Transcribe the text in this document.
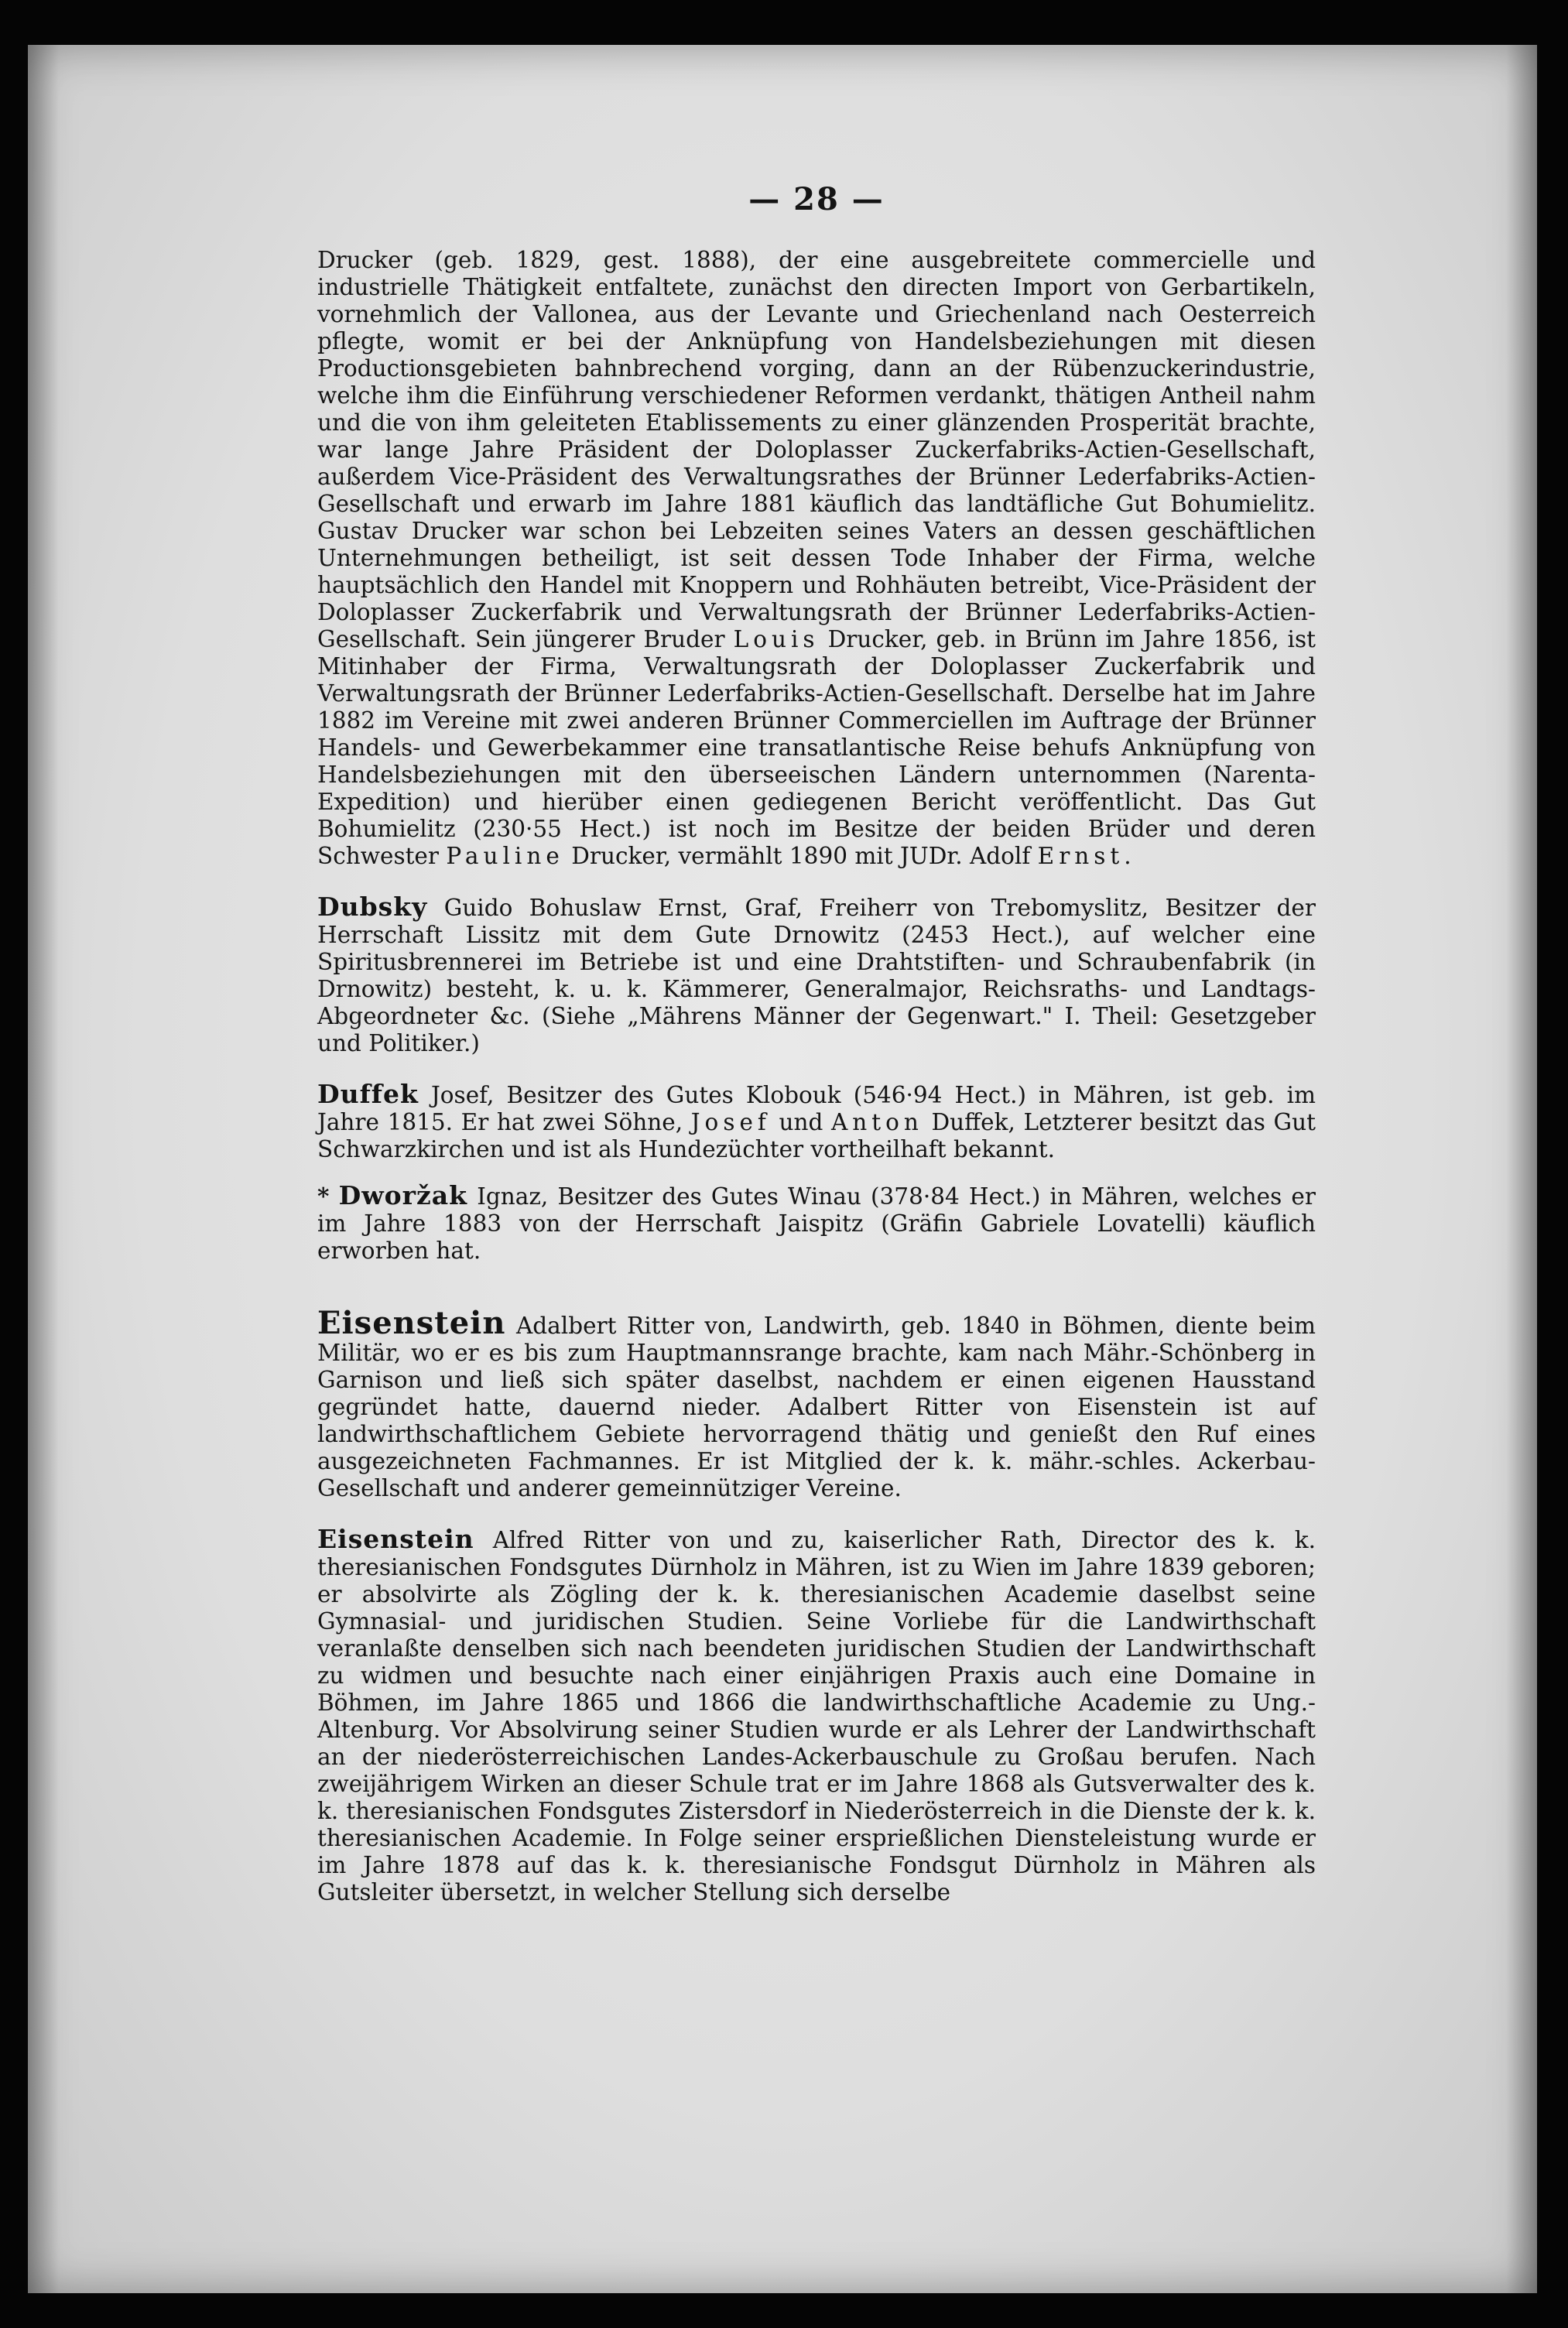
— 28 —

Drucker (geb. 1829, gest. 1888), der eine ausgebreitete commercielle und industrielle Thätigkeit entfaltete, zunächst den directen Import von Gerbartikeln, vornehmlich der Vallonea, aus der Levante und Griechenland nach Oesterreich pflegte, womit er bei der Anknüpfung von Handelsbeziehungen mit diesen Productionsgebieten bahnbrechend vorging, dann an der Rübenzuckerindustrie, welche ihm die Einführung verschiedener Reformen verdankt, thätigen Antheil nahm und die von ihm geleiteten Etablissements zu einer glänzenden Prosperität brachte, war lange Jahre Präsident der Doloplasser Zuckerfabriks-Actien-Gesellschaft, außerdem Vice-Präsident des Verwaltungsrathes der Brünner Lederfabriks-Actien-Gesellschaft und erwarb im Jahre 1881 käuflich das landtäfliche Gut Bohumielitz. Gustav Drucker war schon bei Lebzeiten seines Vaters an dessen geschäftlichen Unternehmungen betheiligt, ist seit dessen Tode Inhaber der Firma, welche hauptsächlich den Handel mit Knoppern und Rohhäuten betreibt, Vice-Präsident der Doloplasser Zuckerfabrik und Verwaltungsrath der Brünner Lederfabriks-Actien-Gesellschaft. Sein jüngerer Bruder Louis Drucker, geb. in Brünn im Jahre 1856, ist Mitinhaber der Firma, Verwaltungsrath der Doloplasser Zuckerfabrik und Verwaltungsrath der Brünner Lederfabriks-Actien-Gesellschaft. Derselbe hat im Jahre 1882 im Vereine mit zwei anderen Brünner Commerciellen im Auftrage der Brünner Handels- und Gewerbekammer eine transatlantische Reise behufs Anknüpfung von Handelsbeziehungen mit den überseeischen Ländern unternommen (Narenta-Expedition) und hierüber einen gediegenen Bericht veröffentlicht. Das Gut Bohumielitz (230·55 Hect.) ist noch im Besitze der beiden Brüder und deren Schwester Pauline Drucker, vermählt 1890 mit JUDr. Adolf Ernst.

Dubsky Guido Bohuslaw Ernst, Graf, Freiherr von Trebomyslitz, Besitzer der Herrschaft Lissitz mit dem Gute Drnowitz (2453 Hect.), auf welcher eine Spiritusbrennerei im Betriebe ist und eine Drahtstiften- und Schraubenfabrik (in Drnowitz) besteht, k. u. k. Kämmerer, Generalmajor, Reichsraths- und Landtags-Abgeordneter &c. (Siehe „Mährens Männer der Gegenwart." I. Theil: Gesetzgeber und Politiker.)

Duffek Josef, Besitzer des Gutes Klobouk (546·94 Hect.) in Mähren, ist geb. im Jahre 1815. Er hat zwei Söhne, Josef und Anton Duffek, Letzterer besitzt das Gut Schwarzkirchen und ist als Hundezüchter vortheilhaft bekannt.

* Dworžak Ignaz, Besitzer des Gutes Winau (378·84 Hect.) in Mähren, welches er im Jahre 1883 von der Herrschaft Jaispitz (Gräfin Gabriele Lovatelli) käuflich erworben hat.

Eisenstein Adalbert Ritter von, Landwirth, geb. 1840 in Böhmen, diente beim Militär, wo er es bis zum Hauptmannsrange brachte, kam nach Mähr.-Schönberg in Garnison und ließ sich später daselbst, nachdem er einen eigenen Hausstand gegründet hatte, dauernd nieder. Adalbert Ritter von Eisenstein ist auf landwirthschaftlichem Gebiete hervorragend thätig und genießt den Ruf eines ausgezeichneten Fachmannes. Er ist Mitglied der k. k. mähr.-schles. Ackerbau-Gesellschaft und anderer gemeinnütziger Vereine.

Eisenstein Alfred Ritter von und zu, kaiserlicher Rath, Director des k. k. theresianischen Fondsgutes Dürnholz in Mähren, ist zu Wien im Jahre 1839 geboren; er absolvirte als Zögling der k. k. theresianischen Academie daselbst seine Gymnasial- und juridischen Studien. Seine Vorliebe für die Landwirthschaft veranlaßte denselben sich nach beendeten juridischen Studien der Landwirthschaft zu widmen und besuchte nach einer einjährigen Praxis auch eine Domaine in Böhmen, im Jahre 1865 und 1866 die landwirthschaftliche Academie zu Ung.-Altenburg. Vor Absolvirung seiner Studien wurde er als Lehrer der Landwirthschaft an der niederösterreichischen Landes-Ackerbauschule zu Großau berufen. Nach zweijährigem Wirken an dieser Schule trat er im Jahre 1868 als Gutsverwalter des k. k. theresianischen Fondsgutes Zistersdorf in Niederösterreich in die Dienste der k. k. theresianischen Academie. In Folge seiner ersprießlichen Diensteleistung wurde er im Jahre 1878 auf das k. k. theresianische Fondsgut Dürnholz in Mähren als Gutsleiter übersetzt, in welcher Stellung sich derselbe
